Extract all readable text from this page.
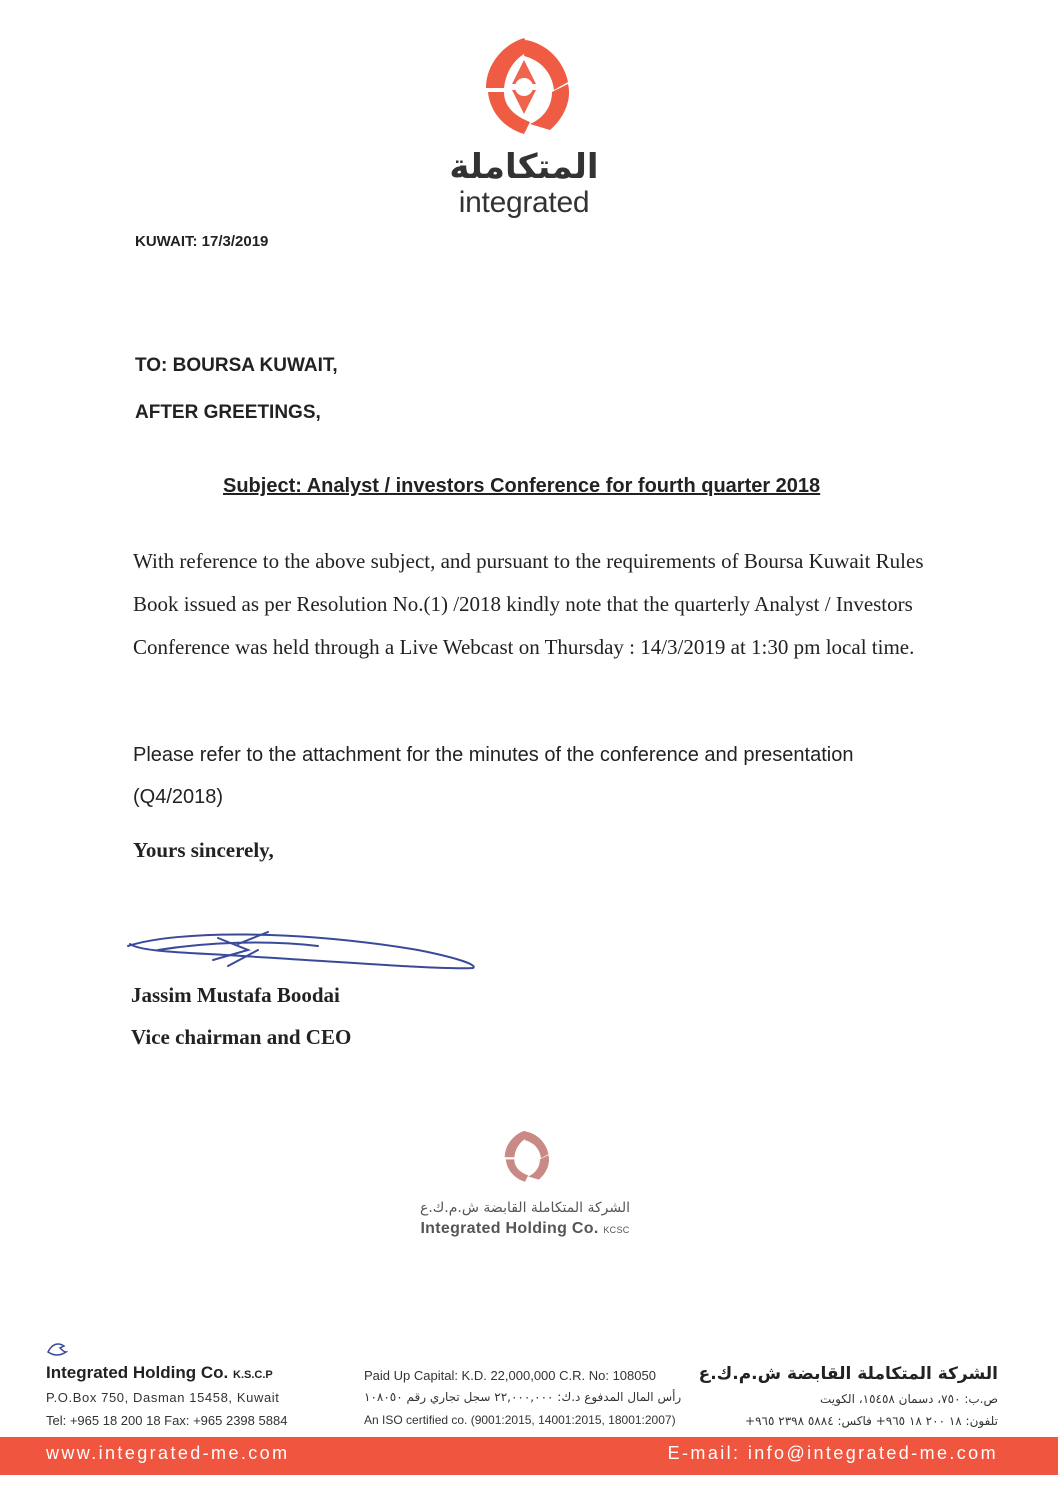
المتكاملة
integrated
KUWAIT: 17/3/2019
TO: BOURSA KUWAIT,
AFTER GREETINGS,
Subject: Analyst / investors Conference for fourth quarter 2018
With reference to the above subject, and pursuant to the requirements of Boursa Kuwait Rules Book issued as per Resolution No.(1) /2018 kindly note that the quarterly Analyst / Investors Conference was held through a Live Webcast on Thursday : 14/3/2019 at 1:30 pm local time.
Please refer to the attachment for the minutes of the conference and presentation (Q4/2018)
Yours sincerely,
Jassim Mustafa Boodai
Vice chairman and CEO
الشركة المتكاملة القابضة ش.م.ك.ع
Integrated Holding Co. KCSC
Integrated Holding Co. K.S.C.P
P.O.Box 750, Dasman 15458, Kuwait
Tel: +965 18 200 18 Fax: +965 2398 5884
Paid Up Capital: K.D. 22,000,000 C.R. No: 108050
رأس المال المدفوع د.ك: ٢٢,٠٠٠,٠٠٠ سجل تجاري رقم ١٠٨٠٥٠
An ISO certified co. (9001:2015, 14001:2015, 18001:2007)
الشركة المتكاملة القابضة ش.م.ك.ع
ص.ب: ٧٥٠، دسمان ١٥٤٥٨، الكويت
تلفون: ١٨ ٢٠٠ ١٨ ٩٦٥+ فاكس: ٥٨٨٤ ٢٣٩٨ ٩٦٥+
www.integrated-me.com	E-mail: info@integrated-me.com
